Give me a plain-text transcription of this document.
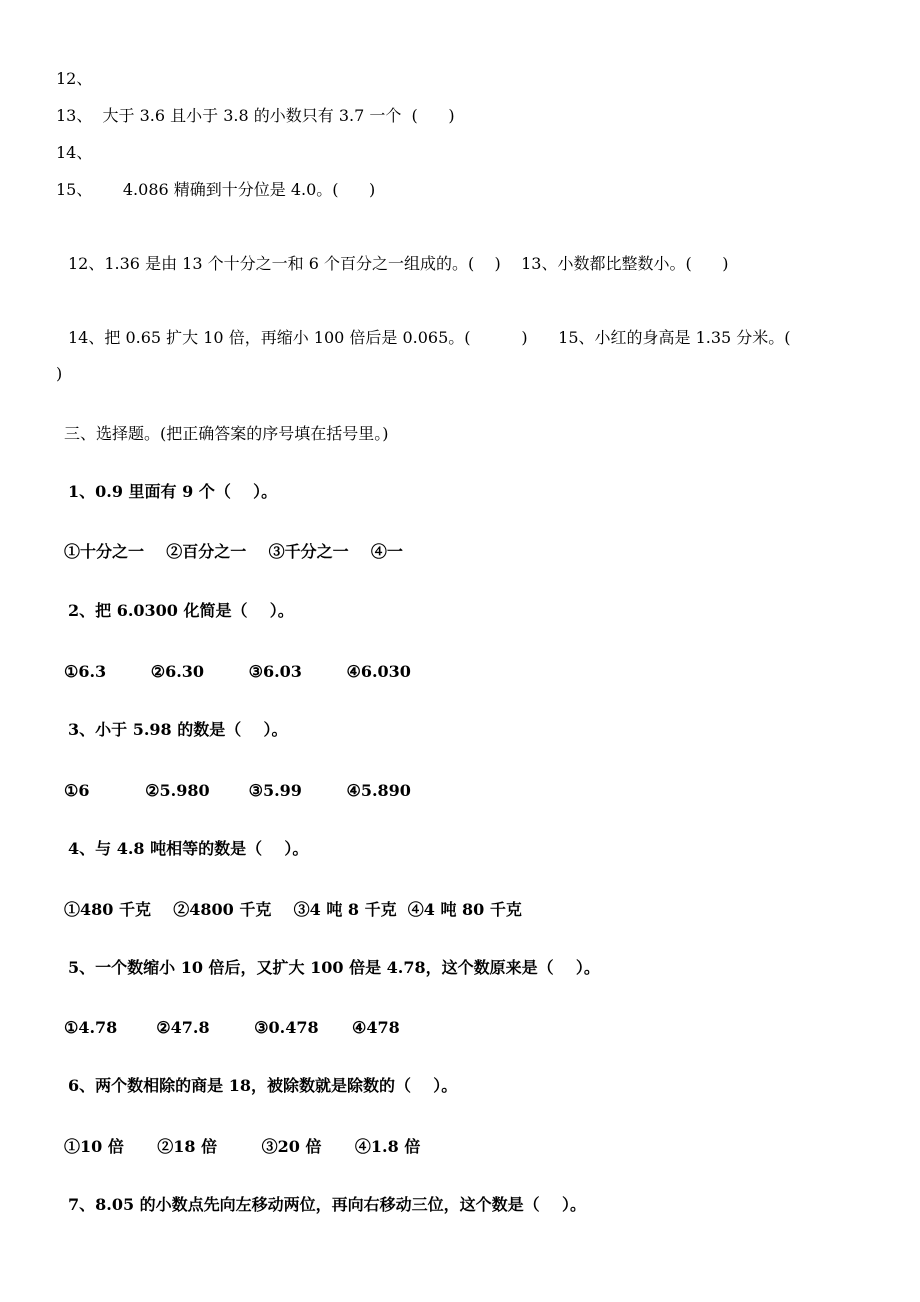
12、
13、  大于 3.6 且小于 3.8 的小数只有 3.7 一个  (      )
14、
15、      4.086 精确到十分位是 4.0。(      )
12、1.36 是由 13 个十分之一和 6 个百分之一组成的。(    )    13、小数都比整数小。(      )
14、把 0.65 扩大 10 倍，再缩小 100 倍后是 0.065。(          )      15、小红的身高是 1.35 分米。(
)
三、选择题。(把正确答案的序号填在括号里。)
1、0.9 里面有 9 个（    ）。
①十分之一    ②百分之一    ③千分之一    ④一
2、把 6.0300 化简是（    ）。
①6.3        ②6.30        ③6.03        ④6.030
3、小于 5.98 的数是（    ）。
①6          ②5.980       ③5.99        ④5.890
4、与 4.8 吨相等的数是（    ）。
①480 千克    ②4800 千克    ③4 吨 8 千克  ④4 吨 80 千克
5、一个数缩小 10 倍后，又扩大 100 倍是 4.78，这个数原来是（    ）。
①4.78       ②47.8        ③0.478      ④478
6、两个数相除的商是 18，被除数就是除数的（    ）。
①10 倍      ②18 倍        ③20 倍      ④1.8 倍
7、8.05 的小数点先向左移动两位，再向右移动三位，这个数是（    ）。
